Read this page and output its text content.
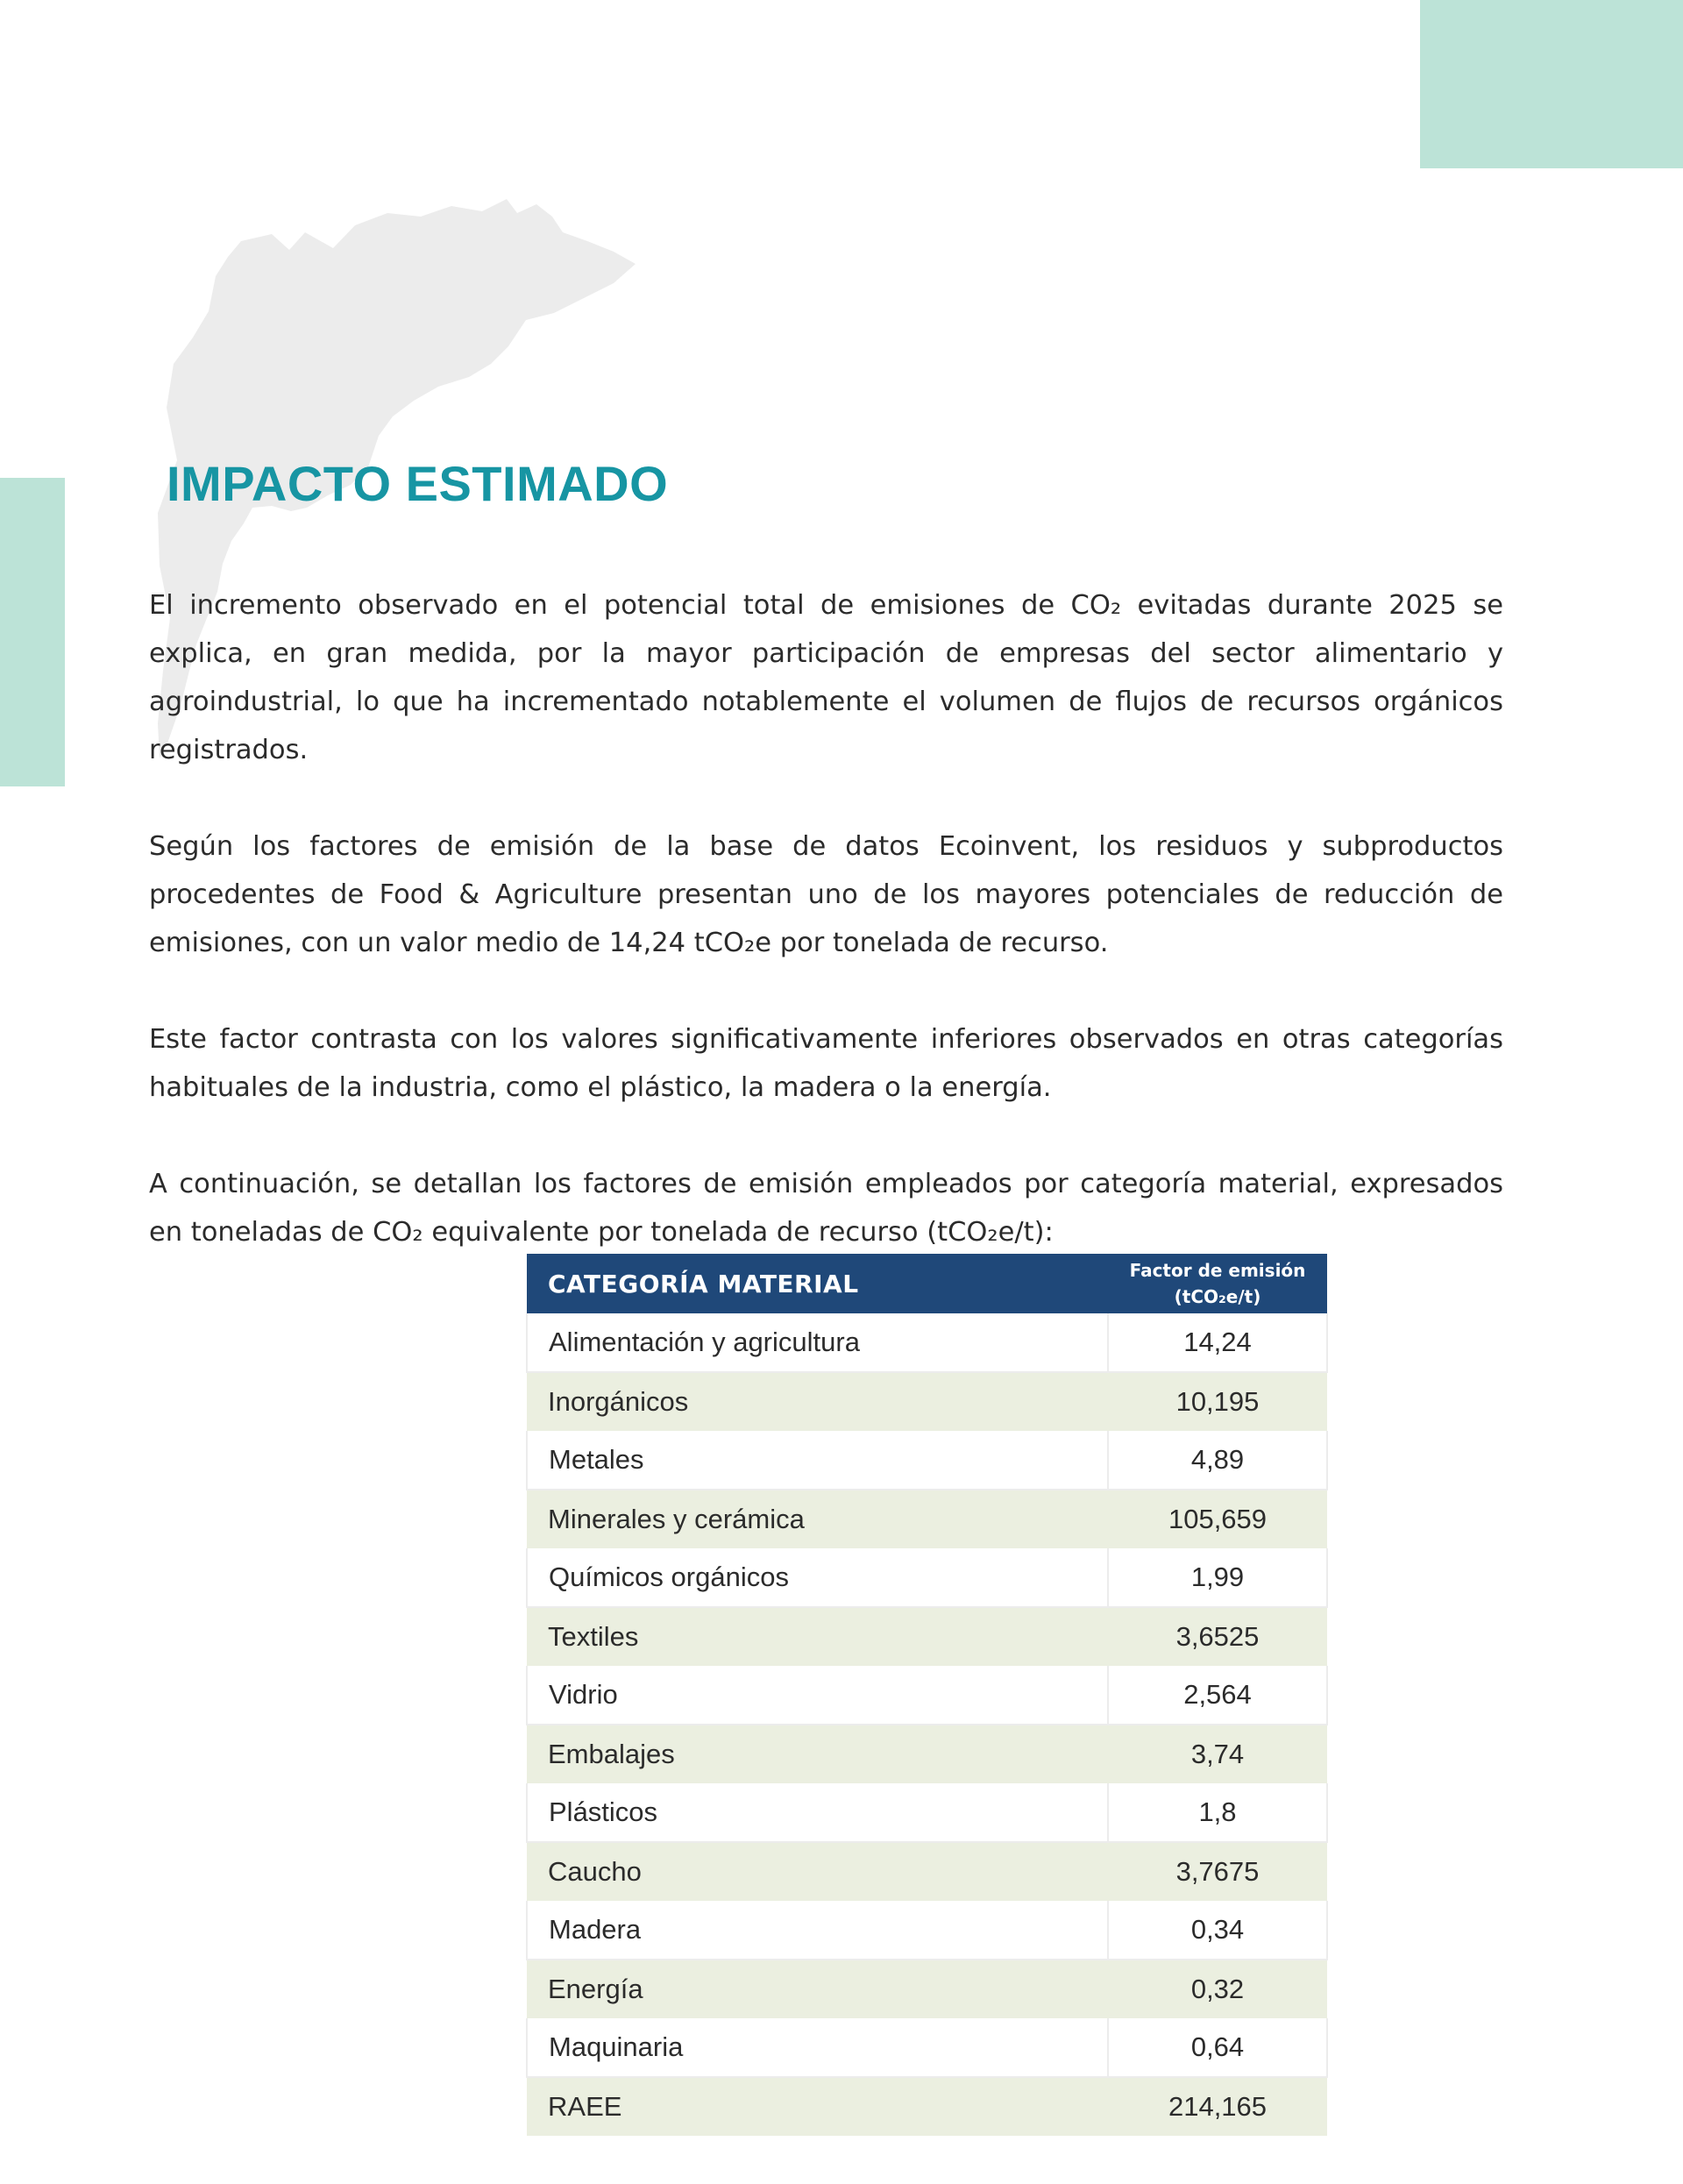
IMPACTO ESTIMADO

El incremento observado en el potencial total de emisiones de CO₂ evitadas durante 2025 se explica, en gran medida, por la mayor participación de empresas del sector alimentario y agroindustrial, lo que ha incrementado notablemente el volumen de flujos de recursos orgánicos registrados.

Según los factores de emisión de la base de datos Ecoinvent, los residuos y subproductos procedentes de Food & Agriculture presentan uno de los mayores potenciales de reducción de emisiones, con un valor medio de 14,24 tCO₂e por tonelada de recurso.

Este factor contrasta con los valores significativamente inferiores observados en otras categorías habituales de la industria, como el plástico, la madera o la energía.

A continuación, se detallan los factores de emisión empleados por categoría material, expresados en toneladas de CO₂ equivalente por tonelada de recurso (tCO₂e/t):

CATEGORÍA MATERIAL	Factor de emisión
(tCO₂e/t)

Alimentación y agricultura	14,24
Inorgánicos	10,195
Metales	4,89
Minerales y cerámica	105,659
Químicos orgánicos	1,99
Textiles	3,6525
Vidrio	2,564
Embalajes	3,74
Plásticos	1,8
Caucho	3,7675
Madera	0,34
Energía	0,32
Maquinaria	0,64
RAEE	214,165
